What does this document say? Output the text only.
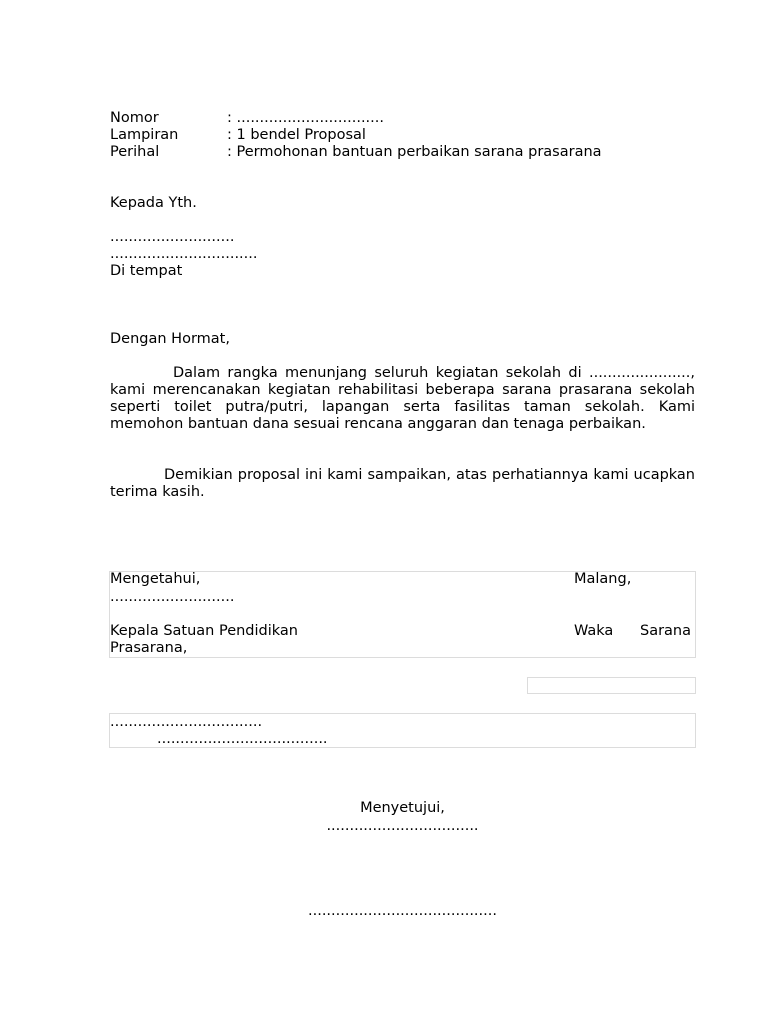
Nomor	: ................................
Lampiran	: 1 bendel Proposal
Perihal	: Permohonan bantuan perbaikan sarana prasarana
Kepada Yth.
...........................
................................
Di tempat
Dengan Hormat,
Dalam rangka menunjang seluruh kegiatan sekolah di ......................, kami merencanakan kegiatan rehabilitasi beberapa sarana prasarana sekolah seperti toilet putra/putri, lapangan serta fasilitas taman sekolah. Kami memohon bantuan dana sesuai rencana anggaran dan tenaga perbaikan.
Demikian proposal ini kami sampaikan, atas perhatiannya kami ucapkan terima kasih.
Mengetahui,	Malang,
...........................
Kepala Satuan Pendidikan	Waka Sarana
Prasarana,
.................................
.....................................
Menyetujui,
.................................
.........................................
